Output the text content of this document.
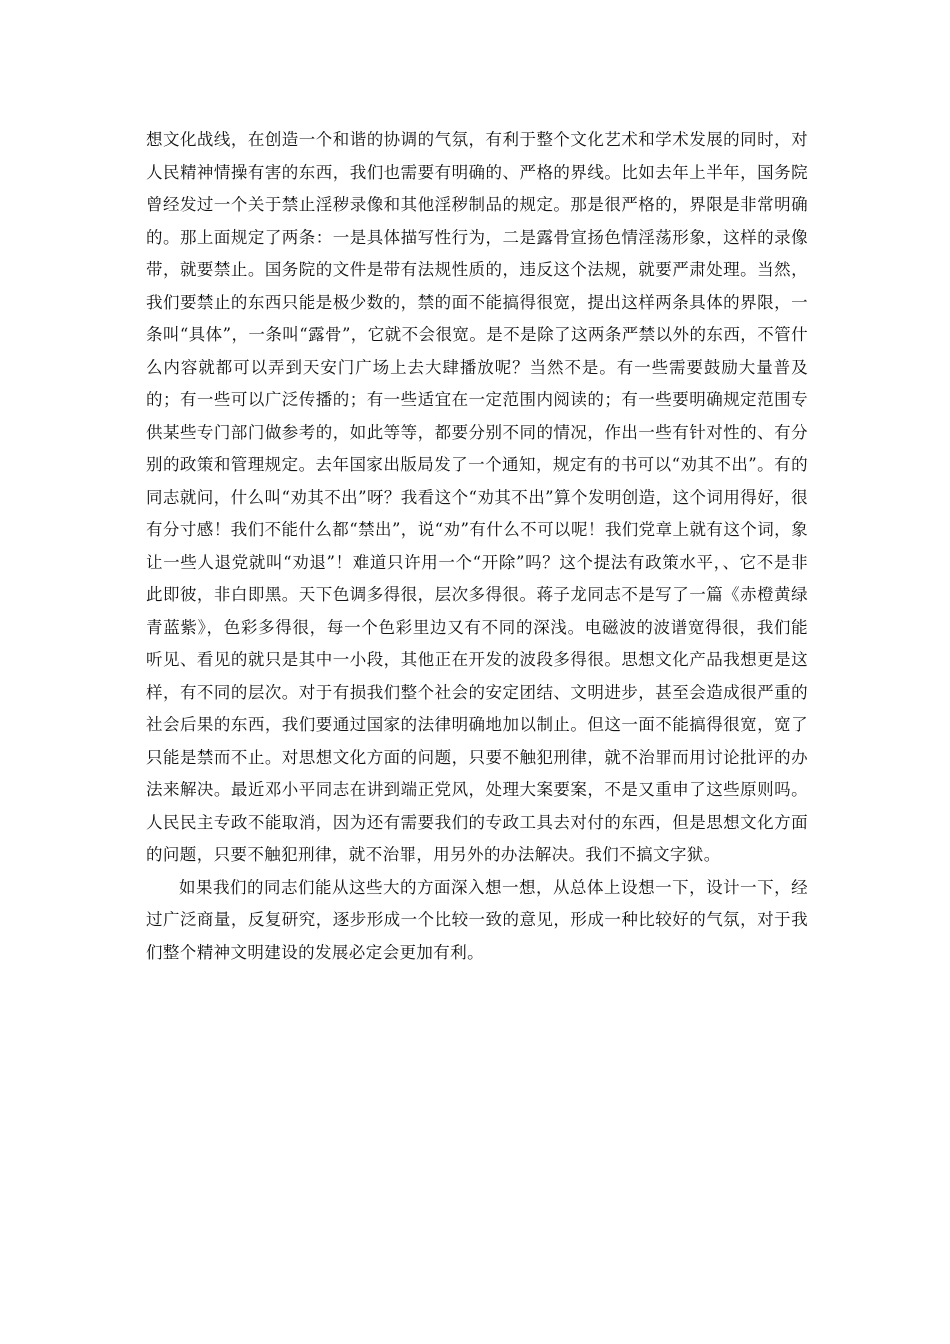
想文化战线，在创造一个和谐的协调的气氛，有利于整个文化艺术和学术发展的同时，对人民精神情操有害的东西，我们也需要有明确的、严格的界线。比如去年上半年，国务院曾经发过一个关于禁止淫秽录像和其他淫秽制品的规定。那是很严格的，界限是非常明确的。那上面规定了两条：一是具体描写性行为，二是露骨宣扬色情淫荡形象，这样的录像带，就要禁止。国务院的文件是带有法规性质的，违反这个法规，就要严肃处理。当然，我们要禁止的东西只能是极少数的，禁的面不能搞得很宽，提出这样两条具体的界限，一条叫“具体”，一条叫“露骨”，它就不会很宽。是不是除了这两条严禁以外的东西，不管什么内容就都可以弄到天安门广场上去大肆播放呢？当然不是。有一些需要鼓励大量普及的；有一些可以广泛传播的；有一些适宜在一定范围内阅读的；有一些要明确规定范围专供某些专门部门做参考的，如此等等，都要分别不同的情况，作出一些有针对性的、有分别的政策和管理规定。去年国家出版局发了一个通知，规定有的书可以“劝其不出”。有的同志就问，什么叫“劝其不出”呀？我看这个“劝其不出”算个发明创造，这个词用得好，很有分寸感！我们不能什么都“禁出”，说“劝”有什么不可以呢！我们党章上就有这个词，象让一些人退党就叫“劝退”！难道只许用一个“开除”吗？这个提法有政策水平，、它不是非此即彼，非白即黑。天下色调多得很，层次多得很。蒋子龙同志不是写了一篇《赤橙黄绿青蓝紫》，色彩多得很，每一个色彩里边又有不同的深浅。电磁波的波谱宽得很，我们能听见、看见的就只是其中一小段，其他正在开发的波段多得很。思想文化产品我想更是这样，有不同的层次。对于有损我们整个社会的安定团结、文明进步，甚至会造成很严重的社会后果的东西，我们要通过国家的法律明确地加以制止。但这一面不能搞得很宽，宽了只能是禁而不止。对思想文化方面的问题，只要不触犯刑律，就不治罪而用讨论批评的办法来解决。最近邓小平同志在讲到端正党风，处理大案要案，不是又重申了这些原则吗。人民民主专政不能取消，因为还有需要我们的专政工具去对付的东西，但是思想文化方面的问题，只要不触犯刑律，就不治罪，用另外的办法解决。我们不搞文字狱。

如果我们的同志们能从这些大的方面深入想一想，从总体上设想一下，设计一下，经过广泛商量，反复研究，逐步形成一个比较一致的意见，形成一种比较好的气氛，对于我们整个精神文明建设的发展必定会更加有利。
